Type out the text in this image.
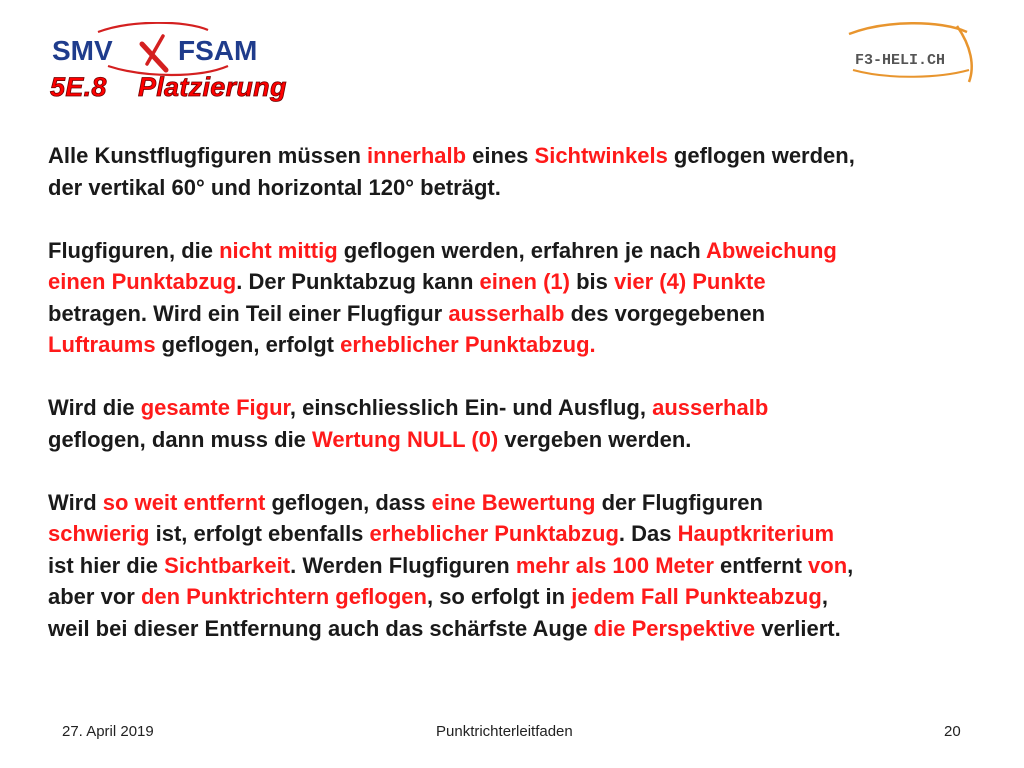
SMV FSAM	F3-HELI.CH
5E.8    Platzierung

Alle Kunstflugfiguren müssen innerhalb eines Sichtwinkels geflogen werden,
der vertikal 60° und horizontal 120° beträgt.

Flugfiguren, die nicht mittig geflogen werden, erfahren je nach Abweichung
einen Punktabzug. Der Punktabzug kann einen (1) bis vier (4) Punkte
betragen. Wird ein Teil einer Flugfigur ausserhalb des vorgegebenen
Luftraums geflogen, erfolgt erheblicher Punktabzug.

Wird die gesamte Figur, einschliesslich Ein- und Ausflug, ausserhalb
geflogen, dann muss die Wertung NULL (0) vergeben werden.

Wird so weit entfernt geflogen, dass eine Bewertung der Flugfiguren
schwierig ist, erfolgt ebenfalls erheblicher Punktabzug. Das Hauptkriterium
ist hier die Sichtbarkeit. Werden Flugfiguren mehr als 100 Meter entfernt von,
aber vor den Punktrichtern geflogen, so erfolgt in jedem Fall Punkteabzug,
weil bei dieser Entfernung auch das schärfste Auge die Perspektive verliert.

27. April 2019	Punktrichterleitfaden	20
